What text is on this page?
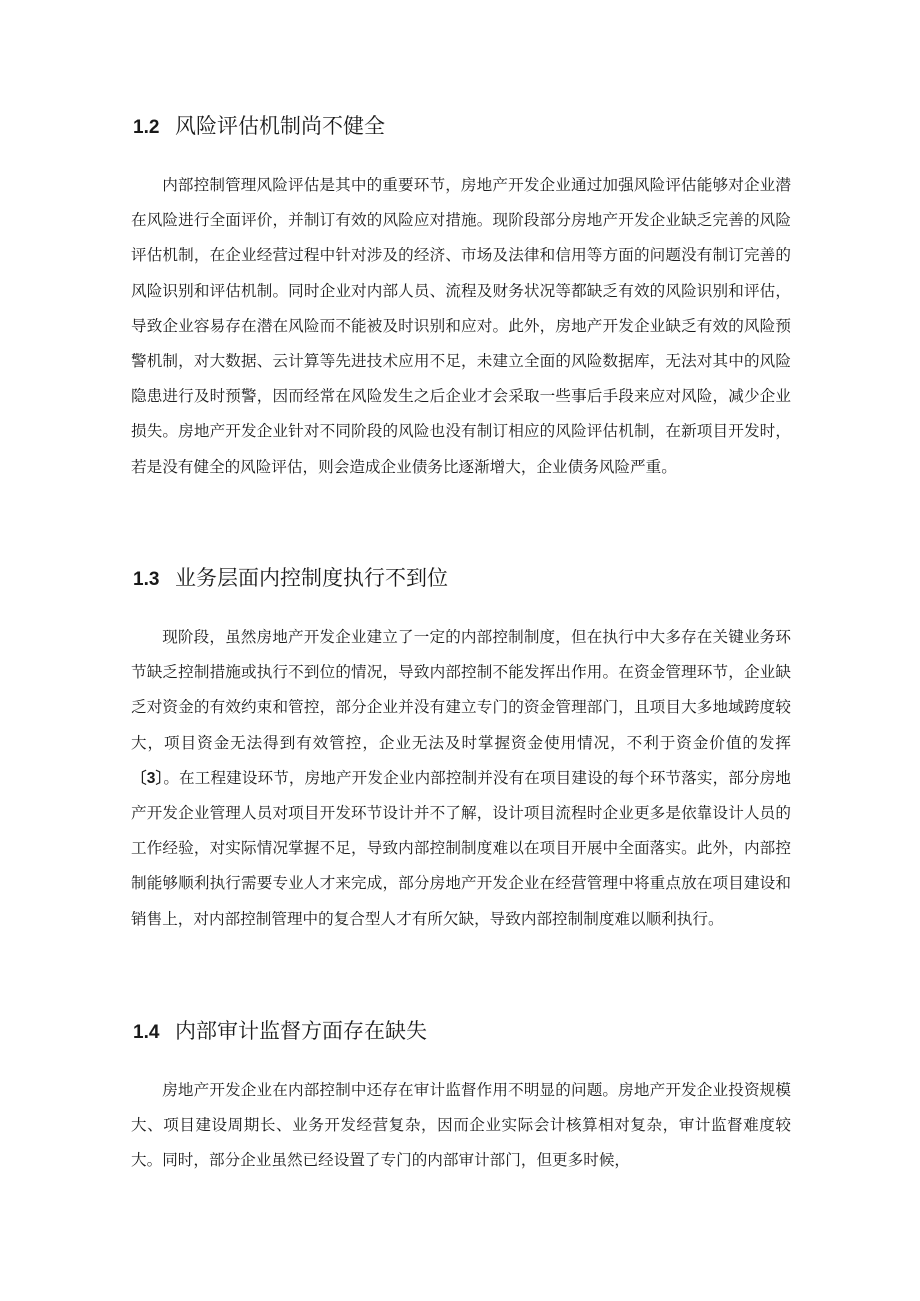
1.2 风险评估机制尚不健全

内部控制管理风险评估是其中的重要环节，房地产开发企业通过加强风险评估能够对企业潜在风险进行全面评价，并制订有效的风险应对措施。现阶段部分房地产开发企业缺乏完善的风险评估机制，在企业经营过程中针对涉及的经济、市场及法律和信用等方面的问题没有制订完善的风险识别和评估机制。同时企业对内部人员、流程及财务状况等都缺乏有效的风险识别和评估，导致企业容易存在潜在风险而不能被及时识别和应对。此外，房地产开发企业缺乏有效的风险预警机制，对大数据、云计算等先进技术应用不足，未建立全面的风险数据库，无法对其中的风险隐患进行及时预警，因而经常在风险发生之后企业才会采取一些事后手段来应对风险，减少企业损失。房地产开发企业针对不同阶段的风险也没有制订相应的风险评估机制，在新项目开发时，若是没有健全的风险评估，则会造成企业债务比逐渐增大，企业债务风险严重。

1.3 业务层面内控制度执行不到位

现阶段，虽然房地产开发企业建立了一定的内部控制制度，但在执行中大多存在关键业务环节缺乏控制措施或执行不到位的情况，导致内部控制不能发挥出作用。在资金管理环节，企业缺乏对资金的有效约束和管控，部分企业并没有建立专门的资金管理部门，且项目大多地域跨度较大，项目资金无法得到有效管控，企业无法及时掌握资金使用情况，不利于资金价值的发挥〔3〕。在工程建设环节，房地产开发企业内部控制并没有在项目建设的每个环节落实，部分房地产开发企业管理人员对项目开发环节设计并不了解，设计项目流程时企业更多是依靠设计人员的工作经验，对实际情况掌握不足，导致内部控制制度难以在项目开展中全面落实。此外，内部控制能够顺利执行需要专业人才来完成，部分房地产开发企业在经营管理中将重点放在项目建设和销售上，对内部控制管理中的复合型人才有所欠缺，导致内部控制制度难以顺利执行。

1.4 内部审计监督方面存在缺失

房地产开发企业在内部控制中还存在审计监督作用不明显的问题。房地产开发企业投资规模大、项目建设周期长、业务开发经营复杂，因而企业实际会计核算相对复杂，审计监督难度较大。同时，部分企业虽然已经设置了专门的内部审计部门，但更多时候，
